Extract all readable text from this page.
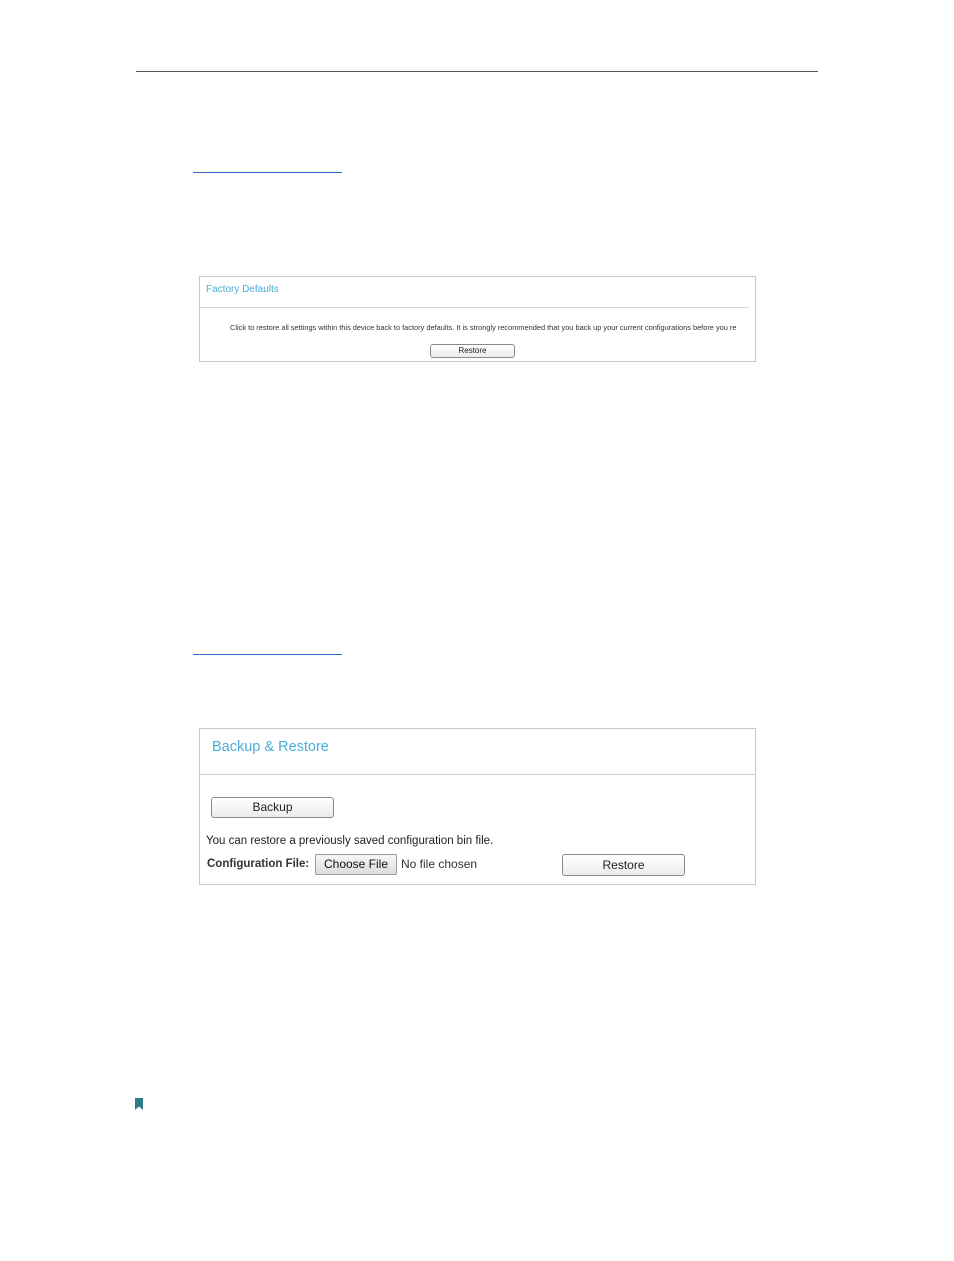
Factory Defaults
Click to restore all settings within this device back to factory defaults. It is strongly recommended that you back up your current configurations before you re
Restore
Backup & Restore
Backup
You can restore a previously saved configuration bin file.
Configuration File:	Choose File	No file chosen	Restore
